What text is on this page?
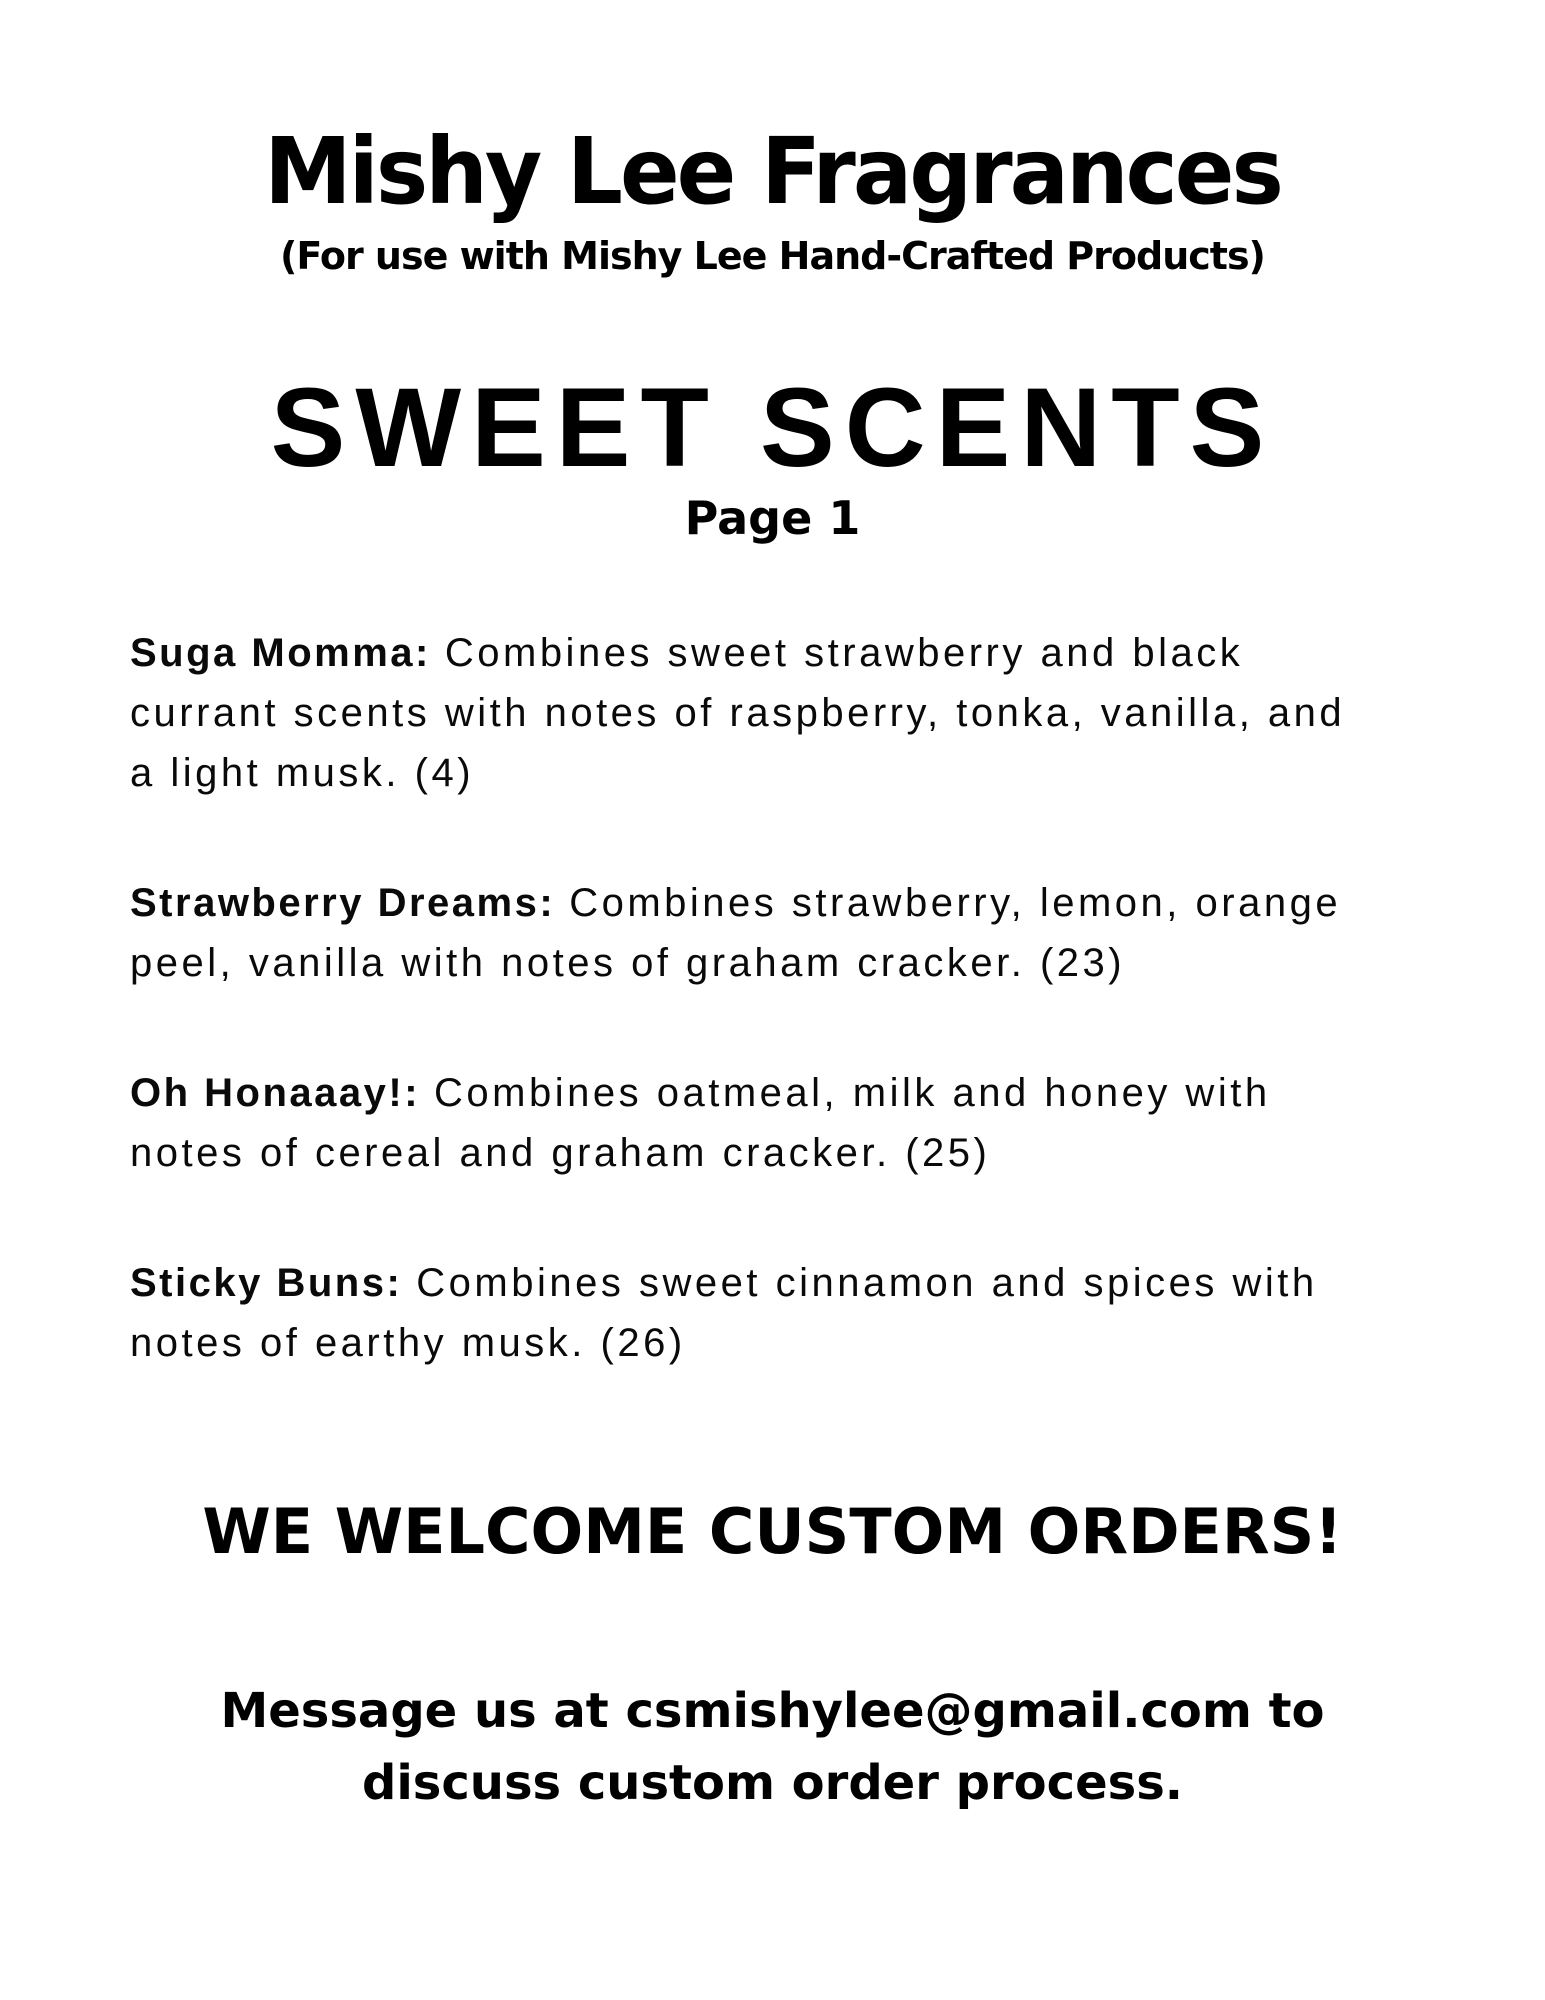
Mishy Lee Fragrances
(For use with Mishy Lee Hand-Crafted Products)
SWEET SCENTS
Page 1

Suga Momma: Combines sweet strawberry and black currant scents with notes of raspberry, tonka, vanilla, and a light musk. (4)

Strawberry Dreams: Combines strawberry, lemon, orange peel, vanilla with notes of graham cracker. (23)

Oh Honaaay!: Combines oatmeal, milk and honey with notes of cereal and graham cracker. (25)

Sticky Buns: Combines sweet cinnamon and spices with notes of earthy musk. (26)

WE WELCOME CUSTOM ORDERS!
Message us at csmishylee@gmail.com to discuss custom order process.
